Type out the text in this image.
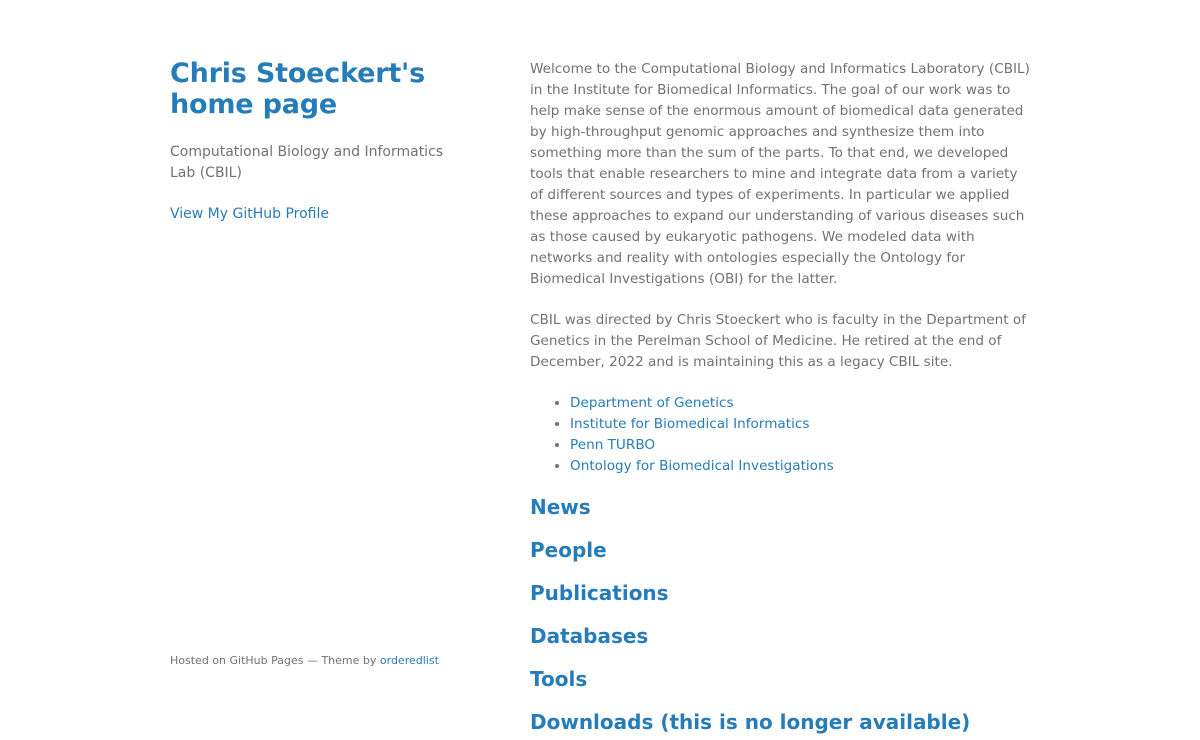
Chris Stoeckert's home page

Computational Biology and Informatics Lab (CBIL)

View My GitHub Profile
Hosted on GitHub Pages — Theme by orderedlist

Welcome to the Computational Biology and Informatics Laboratory (CBIL) in the Institute for Biomedical Informatics. The goal of our work was to help make sense of the enormous amount of biomedical data generated by high-throughput genomic approaches and synthesize them into something more than the sum of the parts. To that end, we developed tools that enable researchers to mine and integrate data from a variety of different sources and types of experiments. In particular we applied these approaches to expand our understanding of various diseases such as those caused by eukaryotic pathogens. We modeled data with networks and reality with ontologies especially the Ontology for Biomedical Investigations (OBI) for the latter.

CBIL was directed by Chris Stoeckert who is faculty in the Department of Genetics in the Perelman School of Medicine. He retired at the end of December, 2022 and is maintaining this as a legacy CBIL site.

• Department of Genetics
• Institute for Biomedical Informatics
• Penn TURBO
• Ontology for Biomedical Investigations
News
People
Publications
Databases
Tools
Downloads (this is no longer available)
